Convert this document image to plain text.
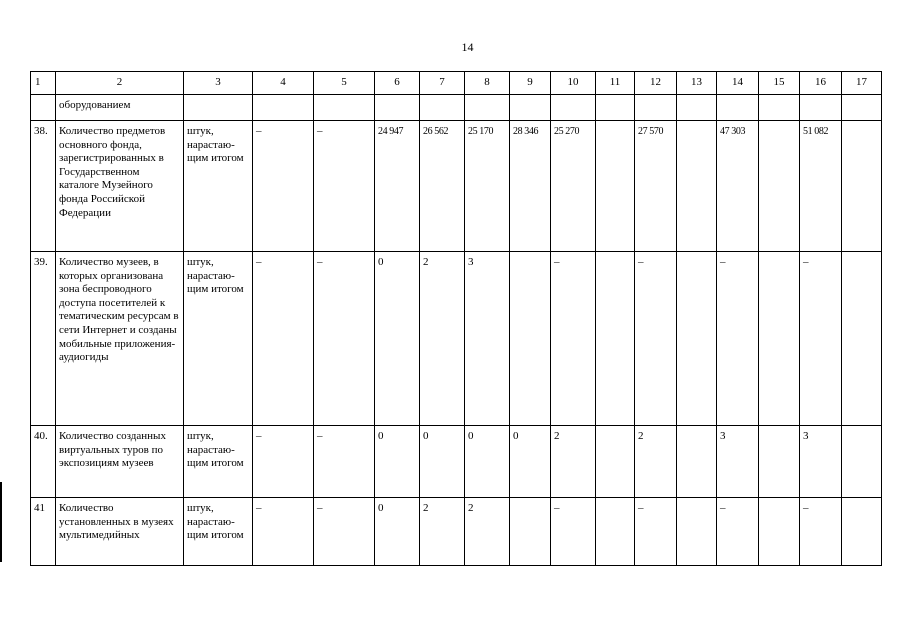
14
1	2	3	4	5	6	7	8	9	10	11	12	13	14	15	16	17
	оборудованием															
38.	Количество предметов основного фонда, зарегистрированных в Государственном каталоге Музейного фонда Российской Федерации	штук, нарастаю-щим итогом	–	–	24 947	26 562	25 170	28 346	25 270		27 570		47 303		51 082	
39.	Количество музеев, в которых организована зона беспроводного доступа посетителей к тематическим ресурсам в сети Интернет и созданы мобильные приложения-аудиогиды	штук, нарастаю-щим итогом	–	–	0	2	3		–		–		–		–	
40.	Количество созданных виртуальных туров по экспозициям музеев	штук, нарастаю-щим итогом	–	–	0	0	0	0	2		2		3		3	
41	Количество установленных в музеях мультимедийных	штук, нарастаю-щим итогом	–	–	0	2	2		–		–		–		–	
